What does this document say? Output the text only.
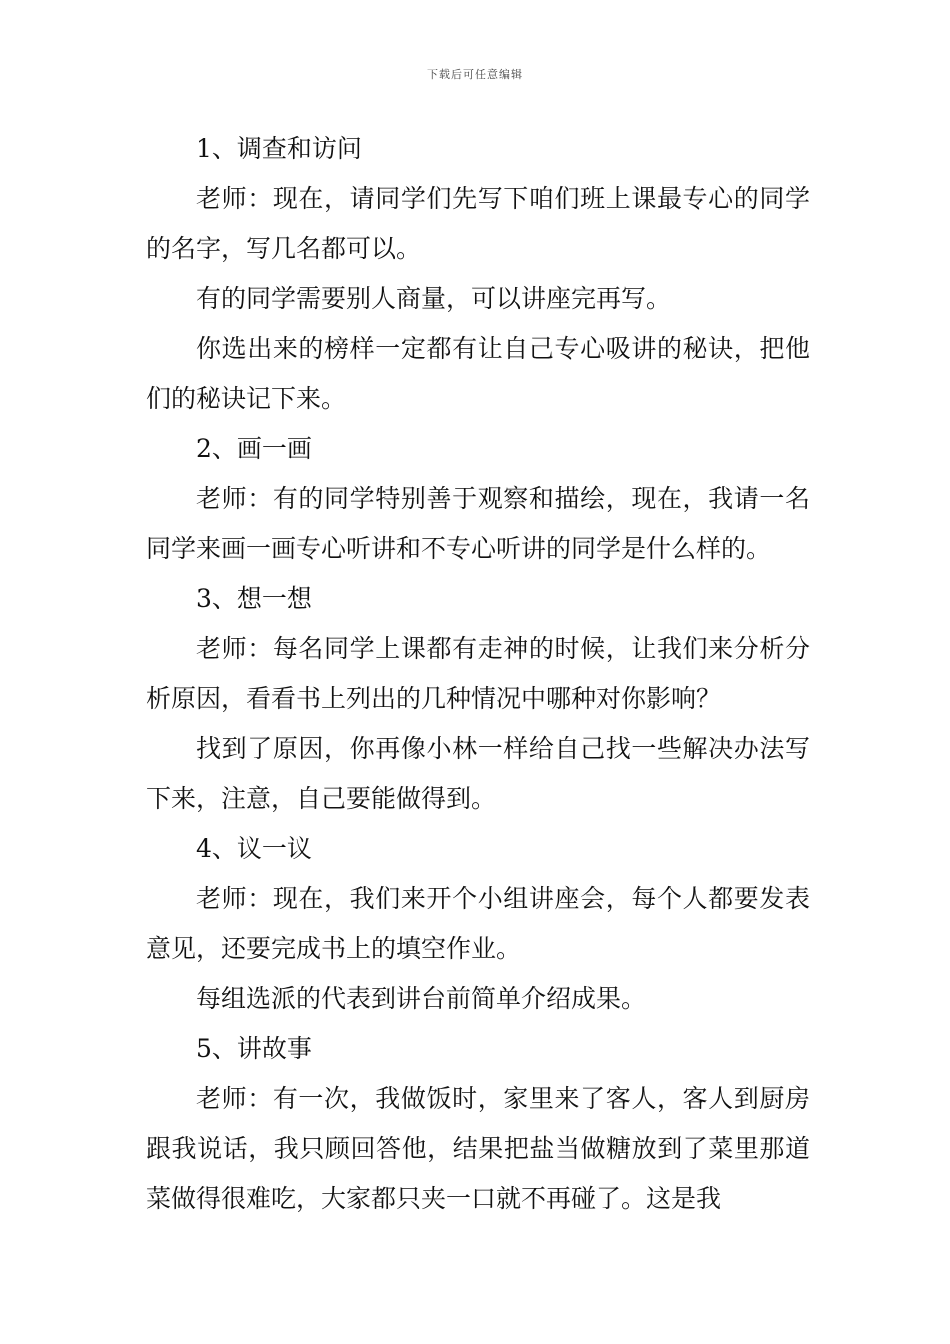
下载后可任意编辑

1、调查和访问

老师：现在，请同学们先写下咱们班上课最专心的同学的名字，写几名都可以。

有的同学需要别人商量，可以讲座完再写。

你选出来的榜样一定都有让自己专心吸讲的秘诀，把他们的秘诀记下来。

2、画一画

老师：有的同学特别善于观察和描绘，现在，我请一名同学来画一画专心听讲和不专心听讲的同学是什么样的。

3、想一想

老师：每名同学上课都有走神的时候，让我们来分析分析原因，看看书上列出的几种情况中哪种对你影响？

找到了原因，你再像小林一样给自己找一些解决办法写下来，注意，自己要能做得到。

4、议一议

老师：现在，我们来开个小组讲座会，每个人都要发表意见，还要完成书上的填空作业。

每组选派的代表到讲台前简单介绍成果。

5、讲故事

老师：有一次，我做饭时，家里来了客人，客人到厨房跟我说话，我只顾回答他，结果把盐当做糖放到了菜里那道菜做得很难吃，大家都只夹一口就不再碰了。这是我
